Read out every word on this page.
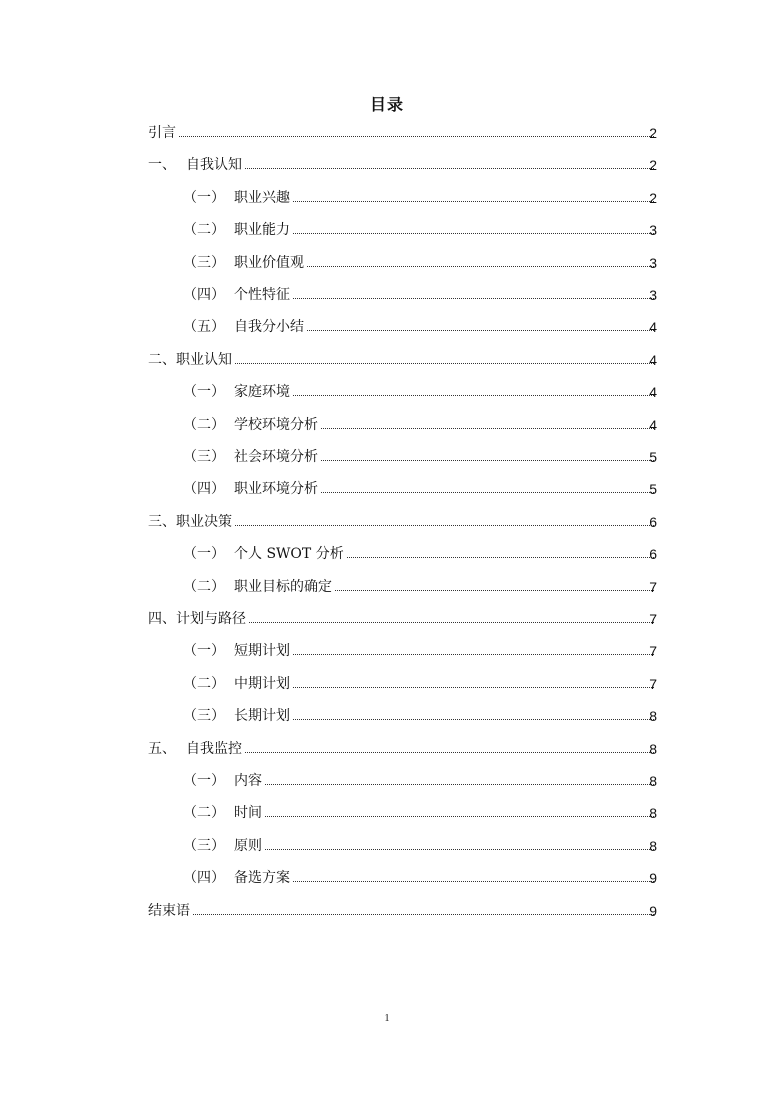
目录
引言	2
一、 自我认知	2
（一） 职业兴趣	2
（二） 职业能力	3
（三） 职业价值观	3
（四） 个性特征	3
（五） 自我分小结	4
二、职业认知	4
（一） 家庭环境	4
（二） 学校环境分析	4
（三） 社会环境分析	5
（四） 职业环境分析	5
三、职业决策	6
（一） 个人 SWOT 分析	6
（二） 职业目标的确定	7
四、计划与路径	7
（一） 短期计划	7
（二） 中期计划	7
（三） 长期计划	8
五、 自我监控	8
（一） 内容	8
（二） 时间	8
（三） 原则	8
（四） 备选方案	9
结束语	9
1
